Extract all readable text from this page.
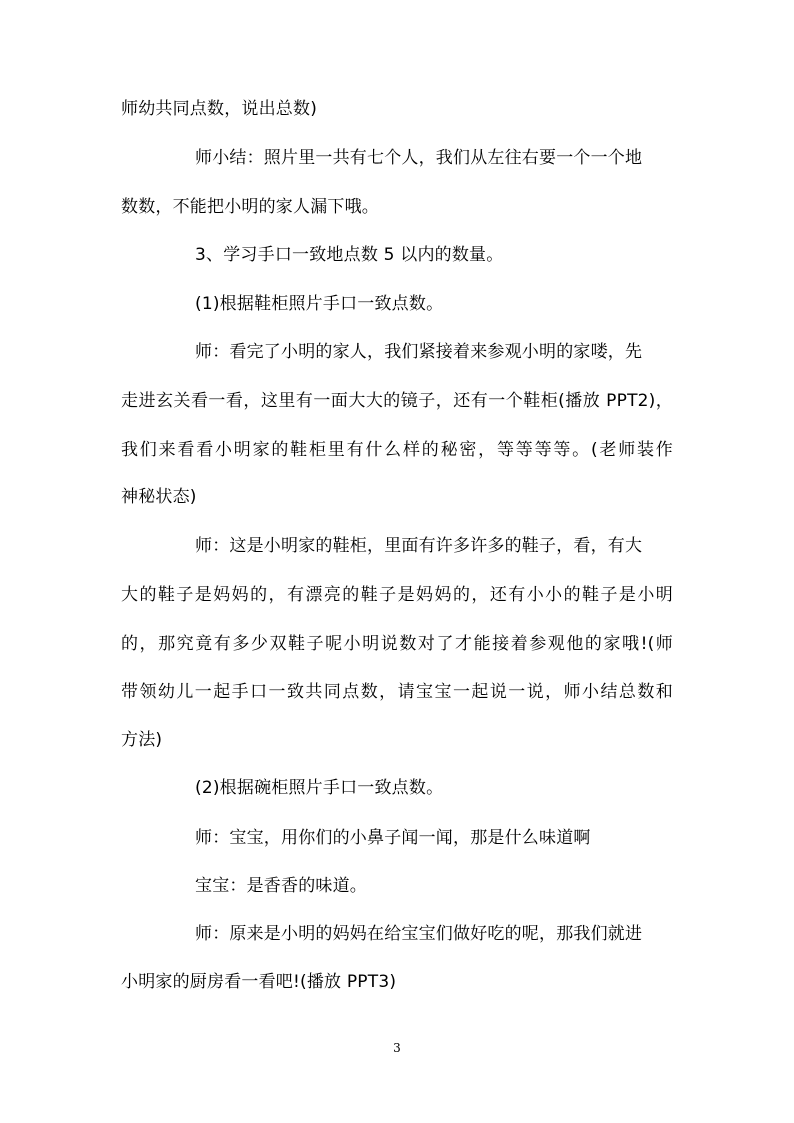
师幼共同点数，说出总数)
师小结：照片里一共有七个人，我们从左往右要一个一个地
数数，不能把小明的家人漏下哦。
3、学习手口一致地点数 5 以内的数量。
(1)根据鞋柜照片手口一致点数。
师：看完了小明的家人，我们紧接着来参观小明的家喽，先
走进玄关看一看，这里有一面大大的镜子，还有一个鞋柜(播放 PPT2)，
我们来看看小明家的鞋柜里有什么样的秘密，等等等等。(老师装作
神秘状态)
师：这是小明家的鞋柜，里面有许多许多的鞋子，看，有大
大的鞋子是妈妈的，有漂亮的鞋子是妈妈的，还有小小的鞋子是小明
的，那究竟有多少双鞋子呢小明说数对了才能接着参观他的家哦!(师
带领幼儿一起手口一致共同点数，请宝宝一起说一说，师小结总数和
方法)
(2)根据碗柜照片手口一致点数。
师：宝宝，用你们的小鼻子闻一闻，那是什么味道啊
宝宝：是香香的味道。
师：原来是小明的妈妈在给宝宝们做好吃的呢，那我们就进
小明家的厨房看一看吧!(播放 PPT3)
3
